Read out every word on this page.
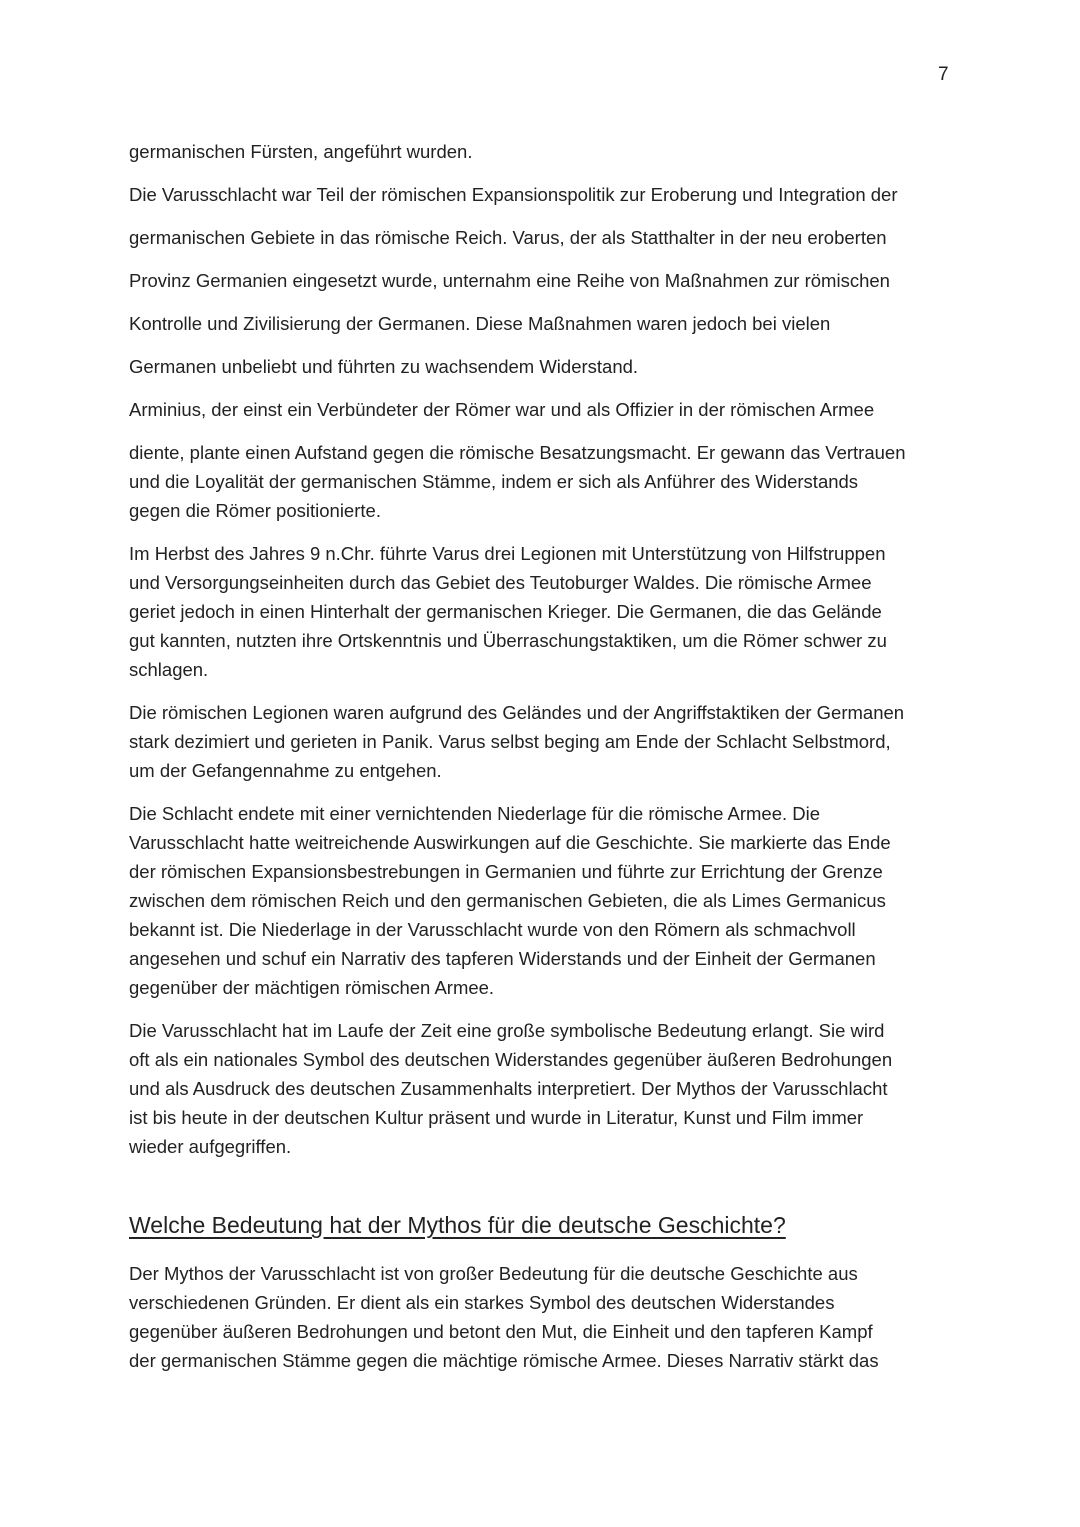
7

germanischen Fürsten, angeführt wurden.

Die Varusschlacht war Teil der römischen Expansionspolitik zur Eroberung und Integration der
germanischen Gebiete in das römische Reich. Varus, der als Statthalter in der neu eroberten
Provinz Germanien eingesetzt wurde, unternahm eine Reihe von Maßnahmen zur römischen
Kontrolle und Zivilisierung der Germanen. Diese Maßnahmen waren jedoch bei vielen
Germanen unbeliebt und führten zu wachsendem Widerstand.

Arminius, der einst ein Verbündeter der Römer war und als Offizier in der römischen Armee
diente, plante einen Aufstand gegen die römische Besatzungsmacht. Er gewann das Vertrauen

und die Loyalität der germanischen Stämme, indem er sich als Anführer des Widerstands
gegen die Römer positionierte.

Im Herbst des Jahres 9 n.Chr. führte Varus drei Legionen mit Unterstützung von Hilfstruppen
und Versorgungseinheiten durch das Gebiet des Teutoburger Waldes. Die römische Armee
geriet jedoch in einen Hinterhalt der germanischen Krieger. Die Germanen, die das Gelände
gut kannten, nutzten ihre Ortskenntnis und Überraschungstaktiken, um die Römer schwer zu
schlagen.

Die römischen Legionen waren aufgrund des Geländes und der Angriffstaktiken der Germanen
stark dezimiert und gerieten in Panik. Varus selbst beging am Ende der Schlacht Selbstmord,
um der Gefangennahme zu entgehen.

Die Schlacht endete mit einer vernichtenden Niederlage für die römische Armee. Die
Varusschlacht hatte weitreichende Auswirkungen auf die Geschichte. Sie markierte das Ende
der römischen Expansionsbestrebungen in Germanien und führte zur Errichtung der Grenze
zwischen dem römischen Reich und den germanischen Gebieten, die als Limes Germanicus
bekannt ist. Die Niederlage in der Varusschlacht wurde von den Römern als schmachvoll
angesehen und schuf ein Narrativ des tapferen Widerstands und der Einheit der Germanen
gegenüber der mächtigen römischen Armee.

Die Varusschlacht hat im Laufe der Zeit eine große symbolische Bedeutung erlangt. Sie wird
oft als ein nationales Symbol des deutschen Widerstandes gegenüber äußeren Bedrohungen
und als Ausdruck des deutschen Zusammenhalts interpretiert. Der Mythos der Varusschlacht
ist bis heute in der deutschen Kultur präsent und wurde in Literatur, Kunst und Film immer
wieder aufgegriffen.

Welche Bedeutung hat der Mythos für die deutsche Geschichte?

Der Mythos der Varusschlacht ist von großer Bedeutung für die deutsche Geschichte aus
verschiedenen Gründen. Er dient als ein starkes Symbol des deutschen Widerstandes
gegenüber äußeren Bedrohungen und betont den Mut, die Einheit und den tapferen Kampf
der germanischen Stämme gegen die mächtige römische Armee. Dieses Narrativ stärkt das
